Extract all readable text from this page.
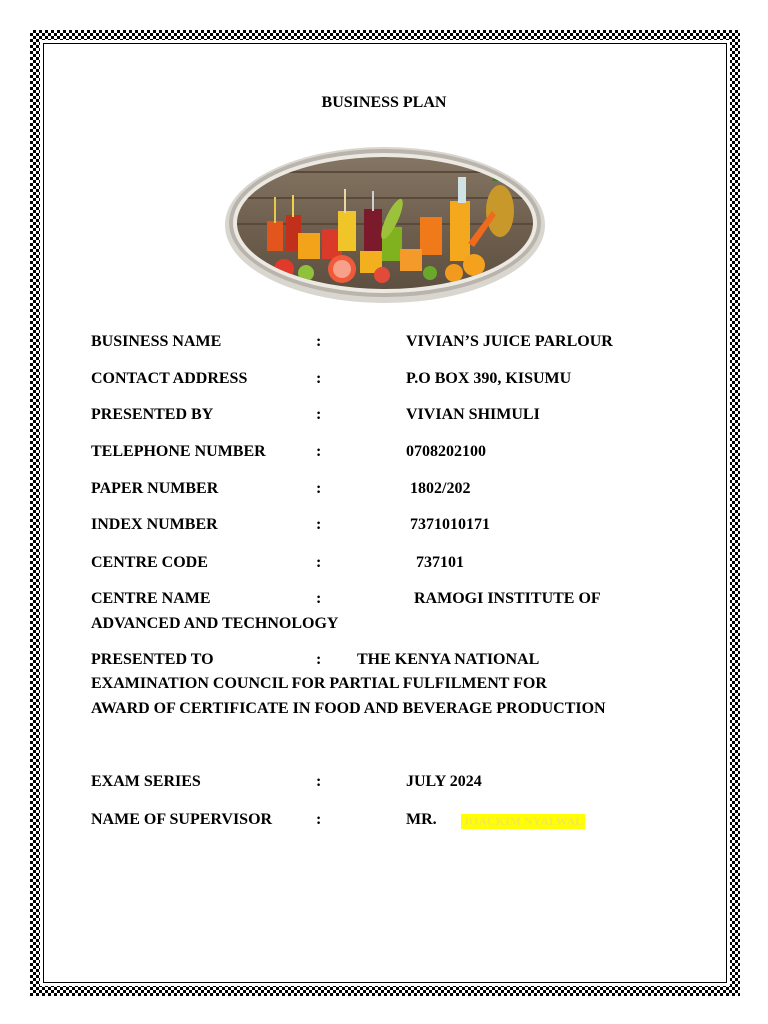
BUSINESS PLAN
BUSINESS NAME	:	VIVIAN’S JUICE PARLOUR
CONTACT ADDRESS	:	P.O BOX 390, KISUMU
PRESENTED BY	:	VIVIAN SHIMULI
TELEPHONE NUMBER	:	0708202100
PAPER NUMBER	:	1802/202
INDEX NUMBER	:	7371010171
CENTRE CODE	:	737101
CENTRE NAME	:	RAMOGI INSTITUTE OF
ADVANCED AND TECHNOLOGY
PRESENTED TO	: THE KENYA NATIONAL
EXAMINATION COUNCIL FOR PARTIAL FULFILMENT FOR
AWARD OF CERTIFICATE IN FOOD AND BEVERAGE PRODUCTION
EXAM SERIES	:	JULY 2024
NAME OF SUPERVISOR	:	MR. JOACKIM NYALWAL
